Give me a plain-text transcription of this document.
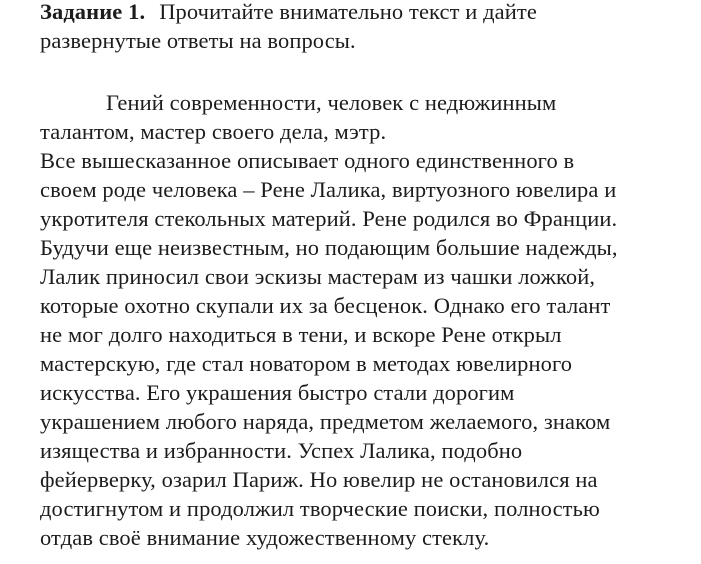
Задание 1. Прочитайте внимательно текст и дайте
развернутые ответы на вопросы.
Гений современности, человек с недюжинным
талантом, мастер своего дела, мэтр.
Все вышесказанное описывает одного единственного в
своем роде человека – Рене Лалика, виртуозного ювелира и
укротителя стекольных материй. Рене родился во Франции.
Будучи еще неизвестным, но подающим большие надежды,
Лалик приносил свои эскизы мастерам из чашки ложкой,
которые охотно скупали их за бесценок. Однако его талант
не мог долго находиться в тени, и вскоре Рене открыл
мастерскую, где стал новатором в методах ювелирного
искусства. Его украшения быстро стали дорогим
украшением любого наряда, предметом желаемого, знаком
изящества и избранности. Успех Лалика, подобно
фейерверку, озарил Париж. Но ювелир не остановился на
достигнутом и продолжил творческие поиски, полностью
отдав своё внимание художественному стеклу.
